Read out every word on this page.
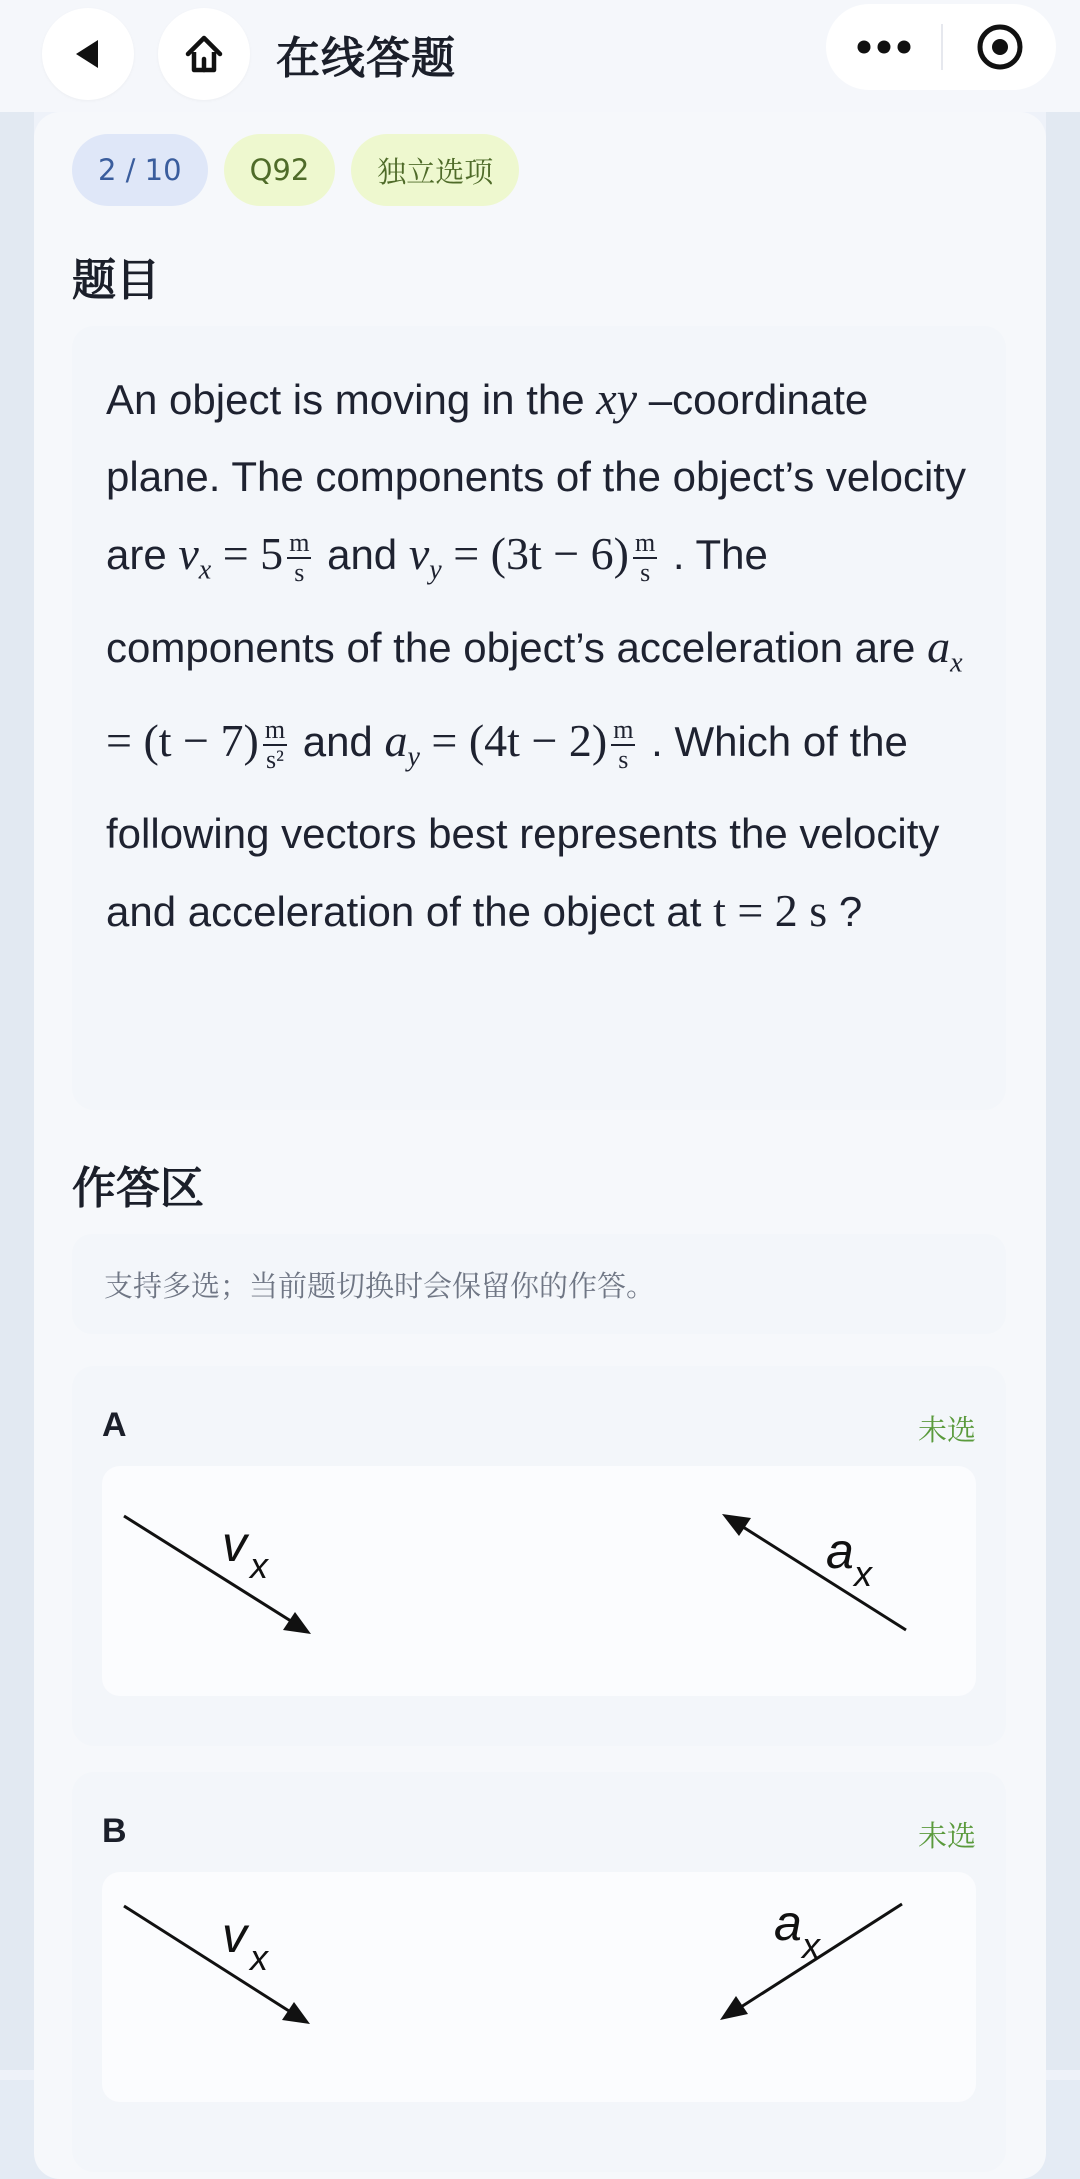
在线答题
2 / 10	Q92	独立选项
题目
An object is moving in the xy –coordinate plane. The components of the object’s velocity are $v_x = 5 \frac{m}{s}$ and $v_y = (3t - 6) \frac{m}{s}$ . The components of the object’s acceleration are $a_x = (t - 7) \frac{m}{\text{s²}}$ and $a_y = (4t - 2) \frac{m}{s}$ . Which of the following vectors best represents the velocity and acceleration of the object at t = 2 s ?
作答区
支持多选；当前题切换时会保留你的作答。
A	未选
v x	a x
B	未选
v x
a x
